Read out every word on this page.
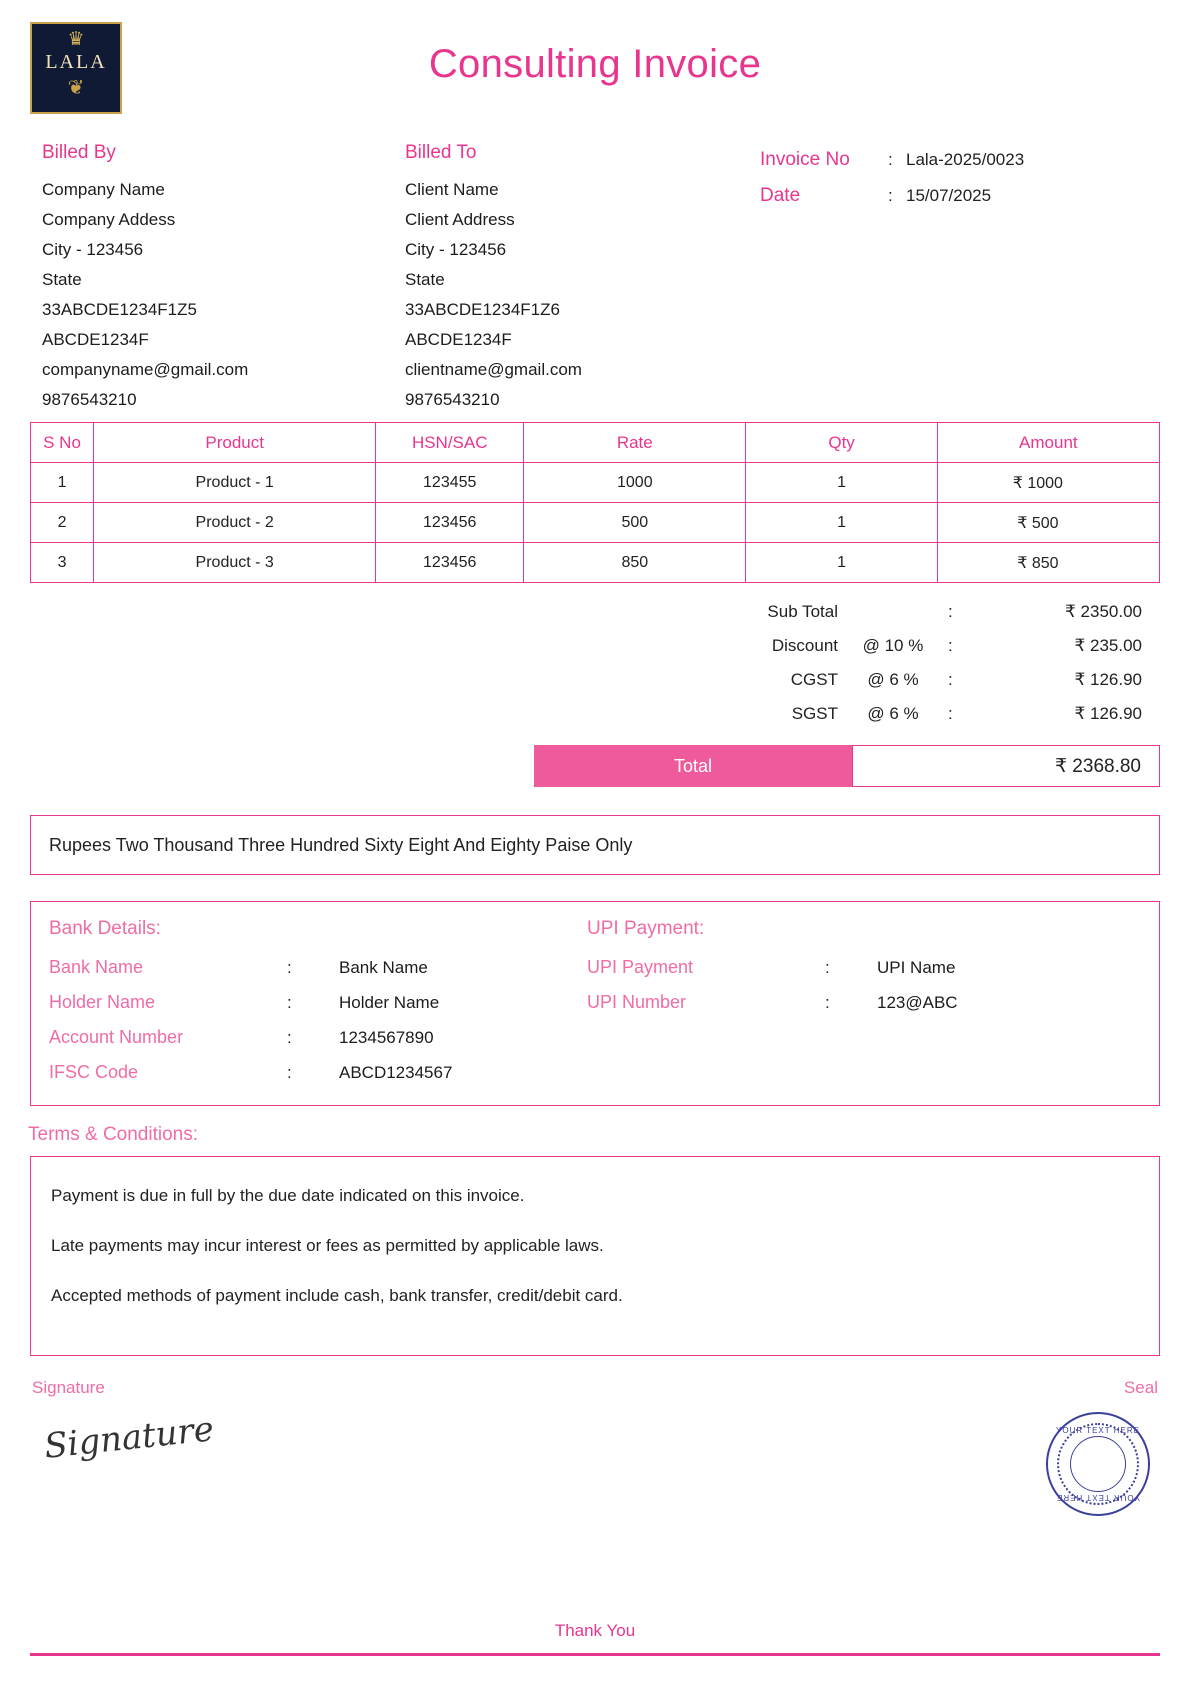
♛
LALA
❦
Consulting Invoice
Billed By
Company Name
Company Addess
City - 123456
State
33ABCDE1234F1Z5
ABCDE1234F
companyname@gmail.com
9876543210
Billed To
Client Name
Client Address
City - 123456
State
33ABCDE1234F1Z6
ABCDE1234F
clientname@gmail.com
9876543210
Invoice No	: Lala-2025/0023
Date	: 15/07/2025
S No	Product	HSN/SAC	Rate	Qty	Amount
1	Product - 1	123455	1000	1	₹ 1000
2	Product - 2	123456	500	1	₹ 500
3	Product - 3	123456	850	1	₹ 850
Sub Total	:	₹ 2350.00
Discount	@ 10 %	:	₹ 235.00
CGST	@ 6 %	:	₹ 126.90
SGST	@ 6 %	:	₹ 126.90
Total	₹ 2368.80
Rupees Two Thousand Three Hundred Sixty Eight And Eighty Paise Only
Bank Details:
Bank Name	:	Bank Name
Holder Name	:	Holder Name
Account Number	:	1234567890
IFSC Code	:	ABCD1234567
UPI Payment:
UPI Payment	:	UPI Name
UPI Number	:	123@ABC
Terms & Conditions:

Payment is due in full by the due date indicated on this invoice.

Late payments may incur interest or fees as permitted by applicable laws.

Accepted methods of payment include cash, bank transfer, credit/debit card.

Signature	Seal
Signature	YOUR TEXT HERE
YOUR TEXT HERE
Thank You
